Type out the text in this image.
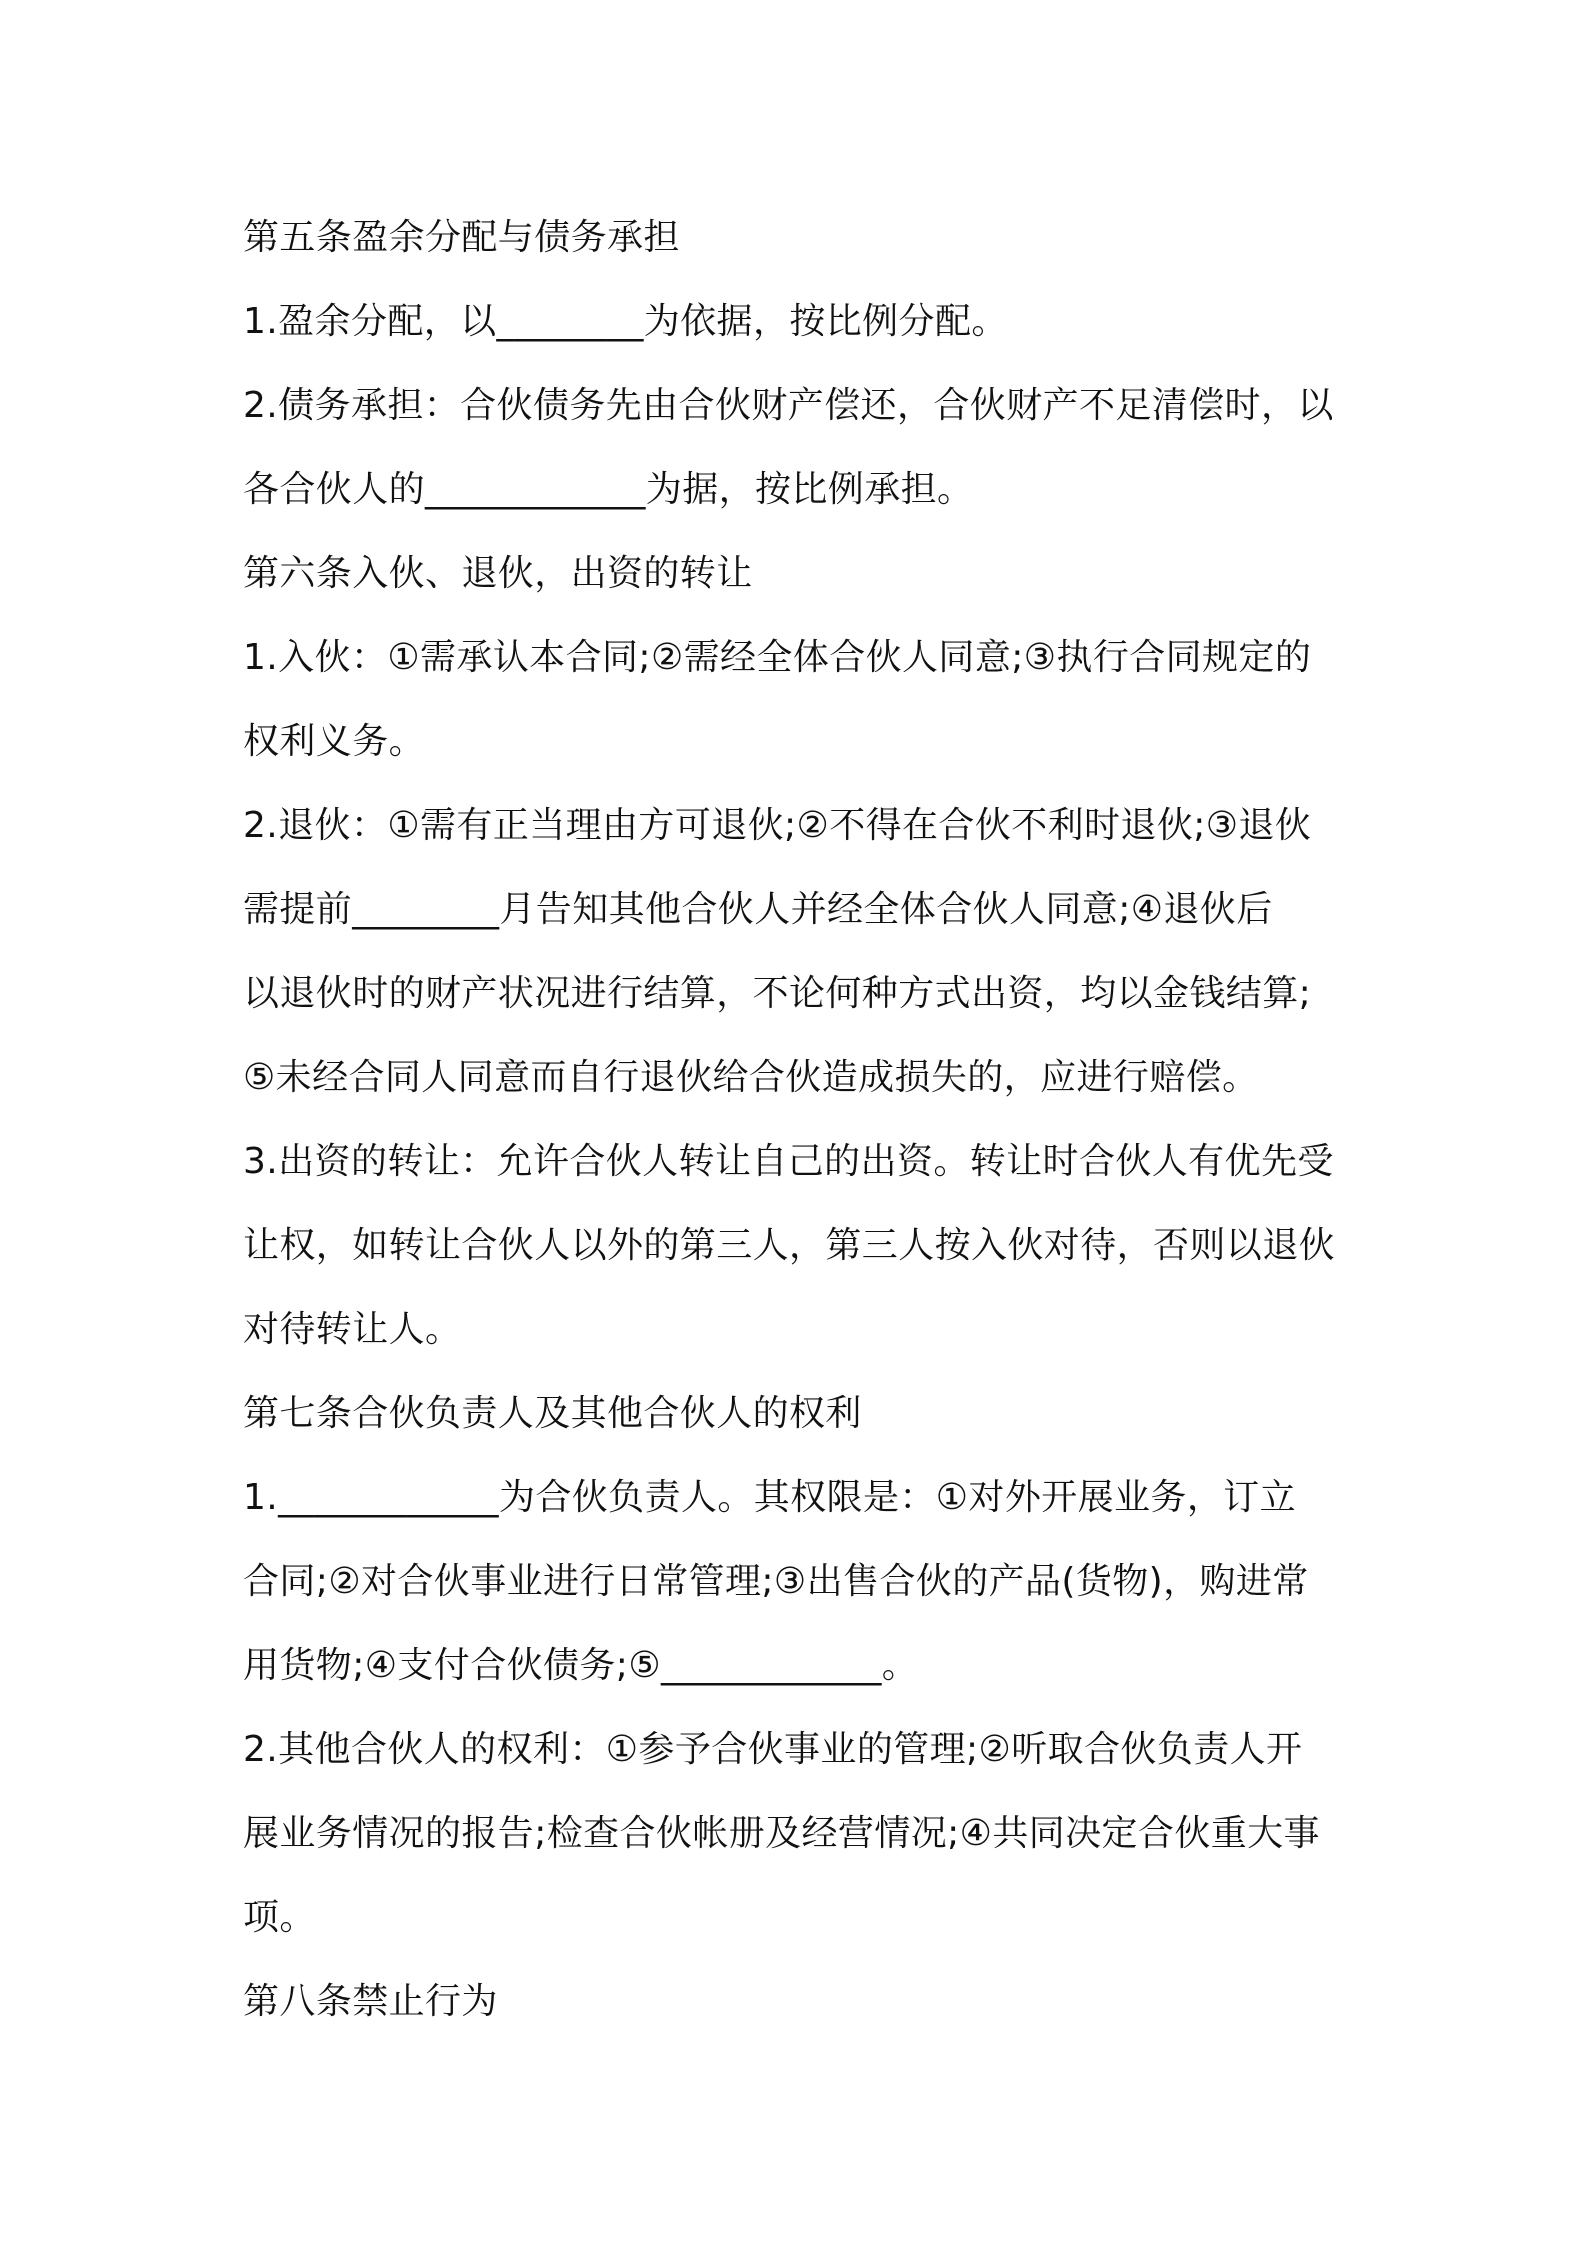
第五条盈余分配与债务承担
1.盈余分配，以________为依据，按比例分配。
2.债务承担：合伙债务先由合伙财产偿还，合伙财产不足清偿时，以
各合伙人的____________为据，按比例承担。
第六条入伙、退伙，出资的转让
1.入伙：①需承认本合同;②需经全体合伙人同意;③执行合同规定的
权利义务。
2.退伙：①需有正当理由方可退伙;②不得在合伙不利时退伙;③退伙
需提前________月告知其他合伙人并经全体合伙人同意;④退伙后
以退伙时的财产状况进行结算，不论何种方式出资，均以金钱结算;
⑤未经合同人同意而自行退伙给合伙造成损失的，应进行赔偿。
3.出资的转让：允许合伙人转让自己的出资。转让时合伙人有优先受
让权，如转让合伙人以外的第三人，第三人按入伙对待，否则以退伙
对待转让人。
第七条合伙负责人及其他合伙人的权利
1.____________为合伙负责人。其权限是：①对外开展业务，订立
合同;②对合伙事业进行日常管理;③出售合伙的产品(货物)，购进常
用货物;④支付合伙债务;⑤____________。
2.其他合伙人的权利：①参予合伙事业的管理;②听取合伙负责人开
展业务情况的报告;检查合伙帐册及经营情况;④共同决定合伙重大事
项。
第八条禁止行为
